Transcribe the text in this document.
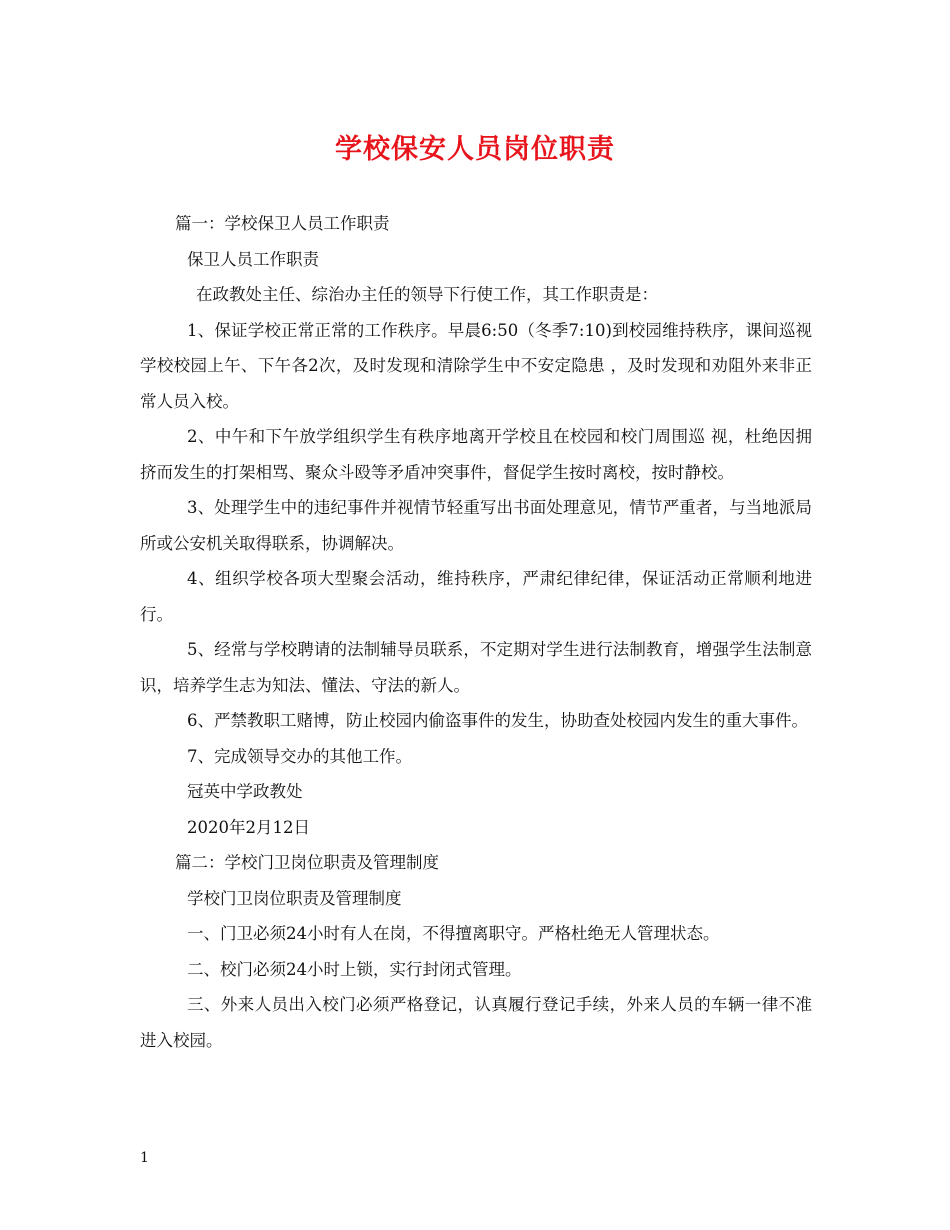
学校保安人员岗位职责

篇一：学校保卫人员工作职责

保卫人员工作职责

在政教处主任、综治办主任的领导下行使工作，其工作职责是：

1、保证学校正常正常的工作秩序。早晨6:50（冬季7:10)到校园维持秩序，课间巡视学校校园上午、下午各2次，及时发现和清除学生中不安定隐患 ，及时发现和劝阻外来非正常人员入校。

2、中午和下午放学组织学生有秩序地离开学校且在校园和校门周围巡 视，杜绝因拥挤而发生的打架相骂、聚众斗殴等矛盾冲突事件，督促学生按时离校，按时静校。

3、处理学生中的违纪事件并视情节轻重写出书面处理意见，情节严重者，与当地派局所或公安机关取得联系，协调解决。

4、组织学校各项大型聚会活动，维持秩序，严肃纪律纪律，保证活动正常顺利地进行。

5、经常与学校聘请的法制辅导员联系，不定期对学生进行法制教育，增强学生法制意识，培养学生志为知法、懂法、守法的新人。

6、严禁教职工赌博，防止校园内偷盗事件的发生，协助查处校园内发生的重大事件。

7、完成领导交办的其他工作。

冠英中学政教处

2020年2月12日

篇二：学校门卫岗位职责及管理制度

学校门卫岗位职责及管理制度

一、门卫必须24小时有人在岗，不得擅离职守。严格杜绝无人管理状态。

二、校门必须24小时上锁，实行封闭式管理。

三、外来人员出入校门必须严格登记，认真履行登记手续，外来人员的车辆一律不准进入校园。

1
